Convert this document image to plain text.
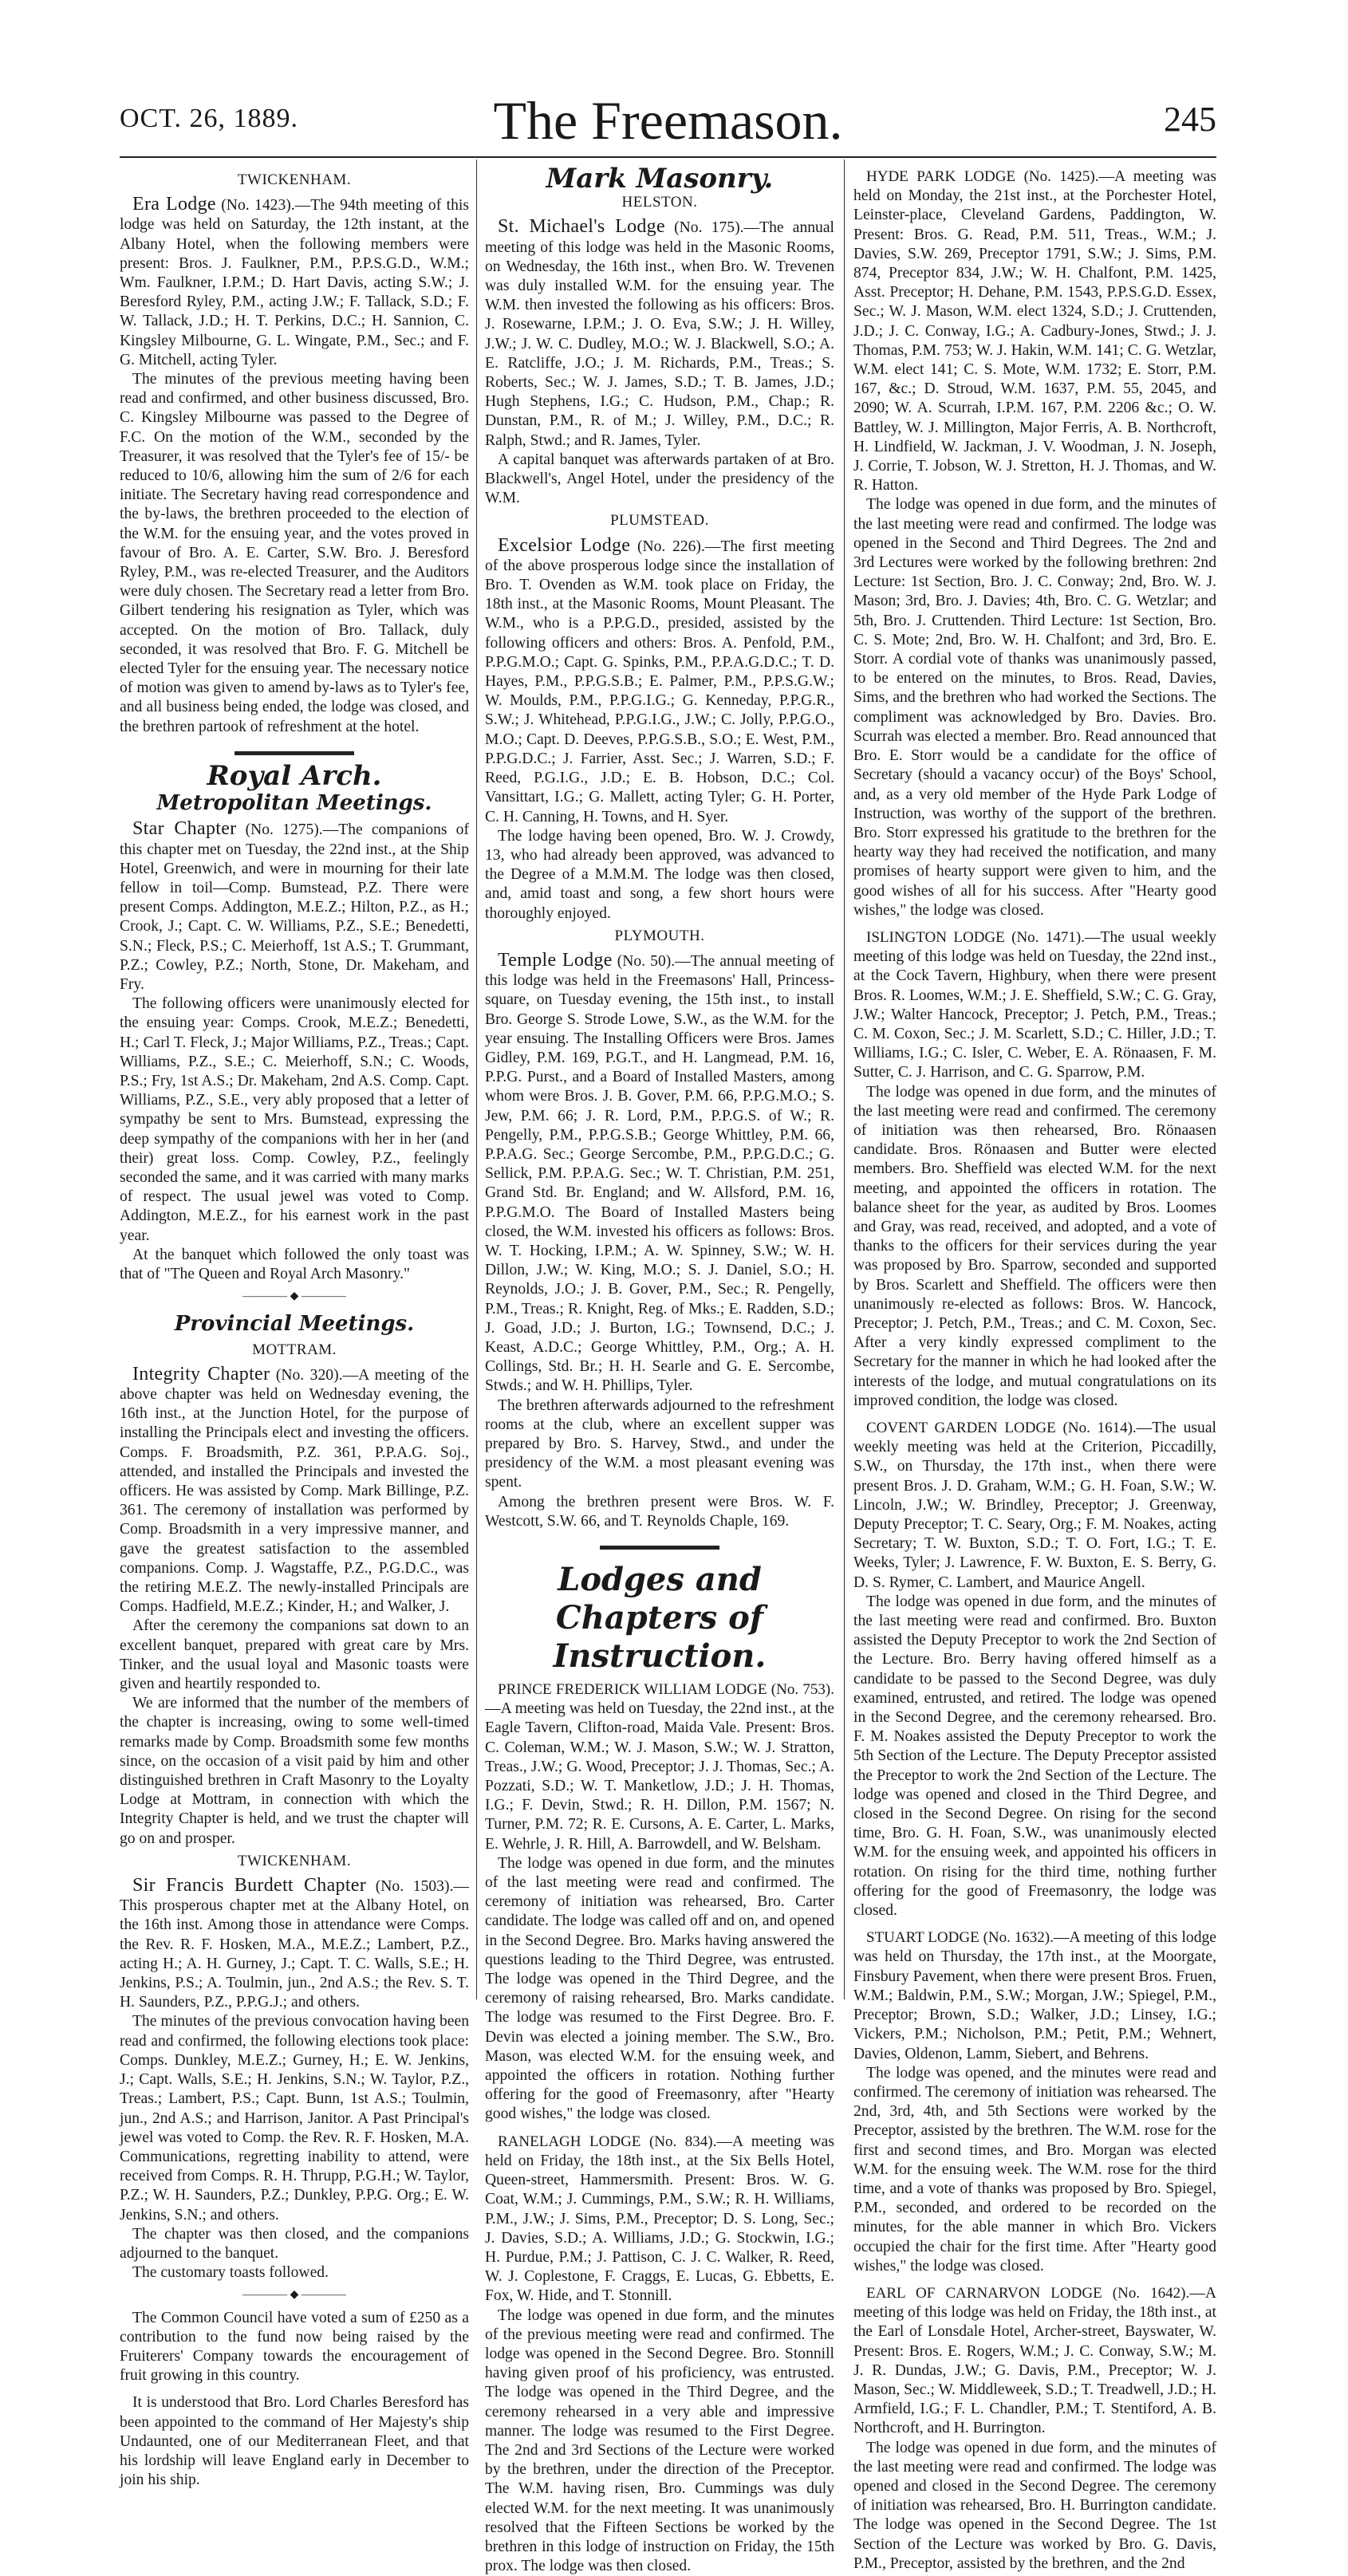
OCT. 26, 1889.	The Freemason.	245
TWICKENHAM.

Era Lodge (No. 1423).—The 94th meeting of this lodge was held on Saturday, the 12th instant, at the Albany Hotel, when the following members were present: Bros. J. Faulkner, P.M., P.P.S.G.D., W.M.; Wm. Faulkner, I.P.M.; D. Hart Davis, acting S.W.; J. Beresford Ryley, P.M., acting J.W.; F. Tallack, S.D.; F. W. Tallack, J.D.; H. T. Perkins, D.C.; H. Sannion, C. Kingsley Milbourne, G. L. Wingate, P.M., Sec.; and F. G. Mitchell, acting Tyler.

The minutes of the previous meeting having been read and confirmed, and other business discussed, Bro. C. Kingsley Milbourne was passed to the Degree of F.C. On the motion of the W.M., seconded by the Treasurer, it was resolved that the Tyler's fee of 15/- be reduced to 10/6, allowing him the sum of 2/6 for each initiate. The Secretary having read correspondence and the by-laws, the brethren proceeded to the election of the W.M. for the ensuing year, and the votes proved in favour of Bro. A. E. Carter, S.W. Bro. J. Beresford Ryley, P.M., was re-elected Treasurer, and the Auditors were duly chosen. The Secretary read a letter from Bro. Gilbert tendering his resignation as Tyler, which was accepted. On the motion of Bro. Tallack, duly seconded, it was resolved that Bro. F. G. Mitchell be elected Tyler for the ensuing year. The necessary notice of motion was given to amend by-laws as to Tyler's fee, and all business being ended, the lodge was closed, and the brethren partook of refreshment at the hotel.

Royal Arch.
Metropolitan Meetings.

Star Chapter (No. 1275).—The companions of this chapter met on Tuesday, the 22nd inst., at the Ship Hotel, Greenwich, and were in mourning for their late fellow in toil—Comp. Bumstead, P.Z. There were present Comps. Addington, M.E.Z.; Hilton, P.Z., as H.; Crook, J.; Capt. C. W. Williams, P.Z., S.E.; Benedetti, S.N.; Fleck, P.S.; C. Meierhoff, 1st A.S.; T. Grummant, P.Z.; Cowley, P.Z.; North, Stone, Dr. Makeham, and Fry.

The following officers were unanimously elected for the ensuing year: Comps. Crook, M.E.Z.; Benedetti, H.; Carl T. Fleck, J.; Major Williams, P.Z., Treas.; Capt. Williams, P.Z., S.E.; C. Meierhoff, S.N.; C. Woods, P.S.; Fry, 1st A.S.; Dr. Makeham, 2nd A.S. Comp. Capt. Williams, P.Z., S.E., very ably proposed that a letter of sympathy be sent to Mrs. Bumstead, expressing the deep sympathy of the companions with her in her (and their) great loss. Comp. Cowley, P.Z., feelingly seconded the same, and it was carried with many marks of respect. The usual jewel was voted to Comp. Addington, M.E.Z., for his earnest work in the past year.

At the banquet which followed the only toast was that of "The Queen and Royal Arch Masonry."

———— ◆ ————
Provincial Meetings.
MOTTRAM.

Integrity Chapter (No. 320).—A meeting of the above chapter was held on Wednesday evening, the 16th inst., at the Junction Hotel, for the purpose of installing the Principals elect and investing the officers. Comps. F. Broadsmith, P.Z. 361, P.P.A.G. Soj., attended, and installed the Principals and invested the officers. He was assisted by Comp. Mark Billinge, P.Z. 361. The ceremony of installation was performed by Comp. Broadsmith in a very impressive manner, and gave the greatest satisfaction to the assembled companions. Comp. J. Wagstaffe, P.Z., P.G.D.C., was the retiring M.E.Z. The newly-installed Principals are Comps. Hadfield, M.E.Z.; Kinder, H.; and Walker, J.

After the ceremony the companions sat down to an excellent banquet, prepared with great care by Mrs. Tinker, and the usual loyal and Masonic toasts were given and heartily responded to.

We are informed that the number of the members of the chapter is increasing, owing to some well-timed remarks made by Comp. Broadsmith some few months since, on the occasion of a visit paid by him and other distinguished brethren in Craft Masonry to the Loyalty Lodge at Mottram, in connection with which the Integrity Chapter is held, and we trust the chapter will go on and prosper.

TWICKENHAM.

Sir Francis Burdett Chapter (No. 1503).—This prosperous chapter met at the Albany Hotel, on the 16th inst. Among those in attendance were Comps. the Rev. R. F. Hosken, M.A., M.E.Z.; Lambert, P.Z., acting H.; A. H. Gurney, J.; Capt. T. C. Walls, S.E.; H. Jenkins, P.S.; A. Toulmin, jun., 2nd A.S.; the Rev. S. T. H. Saunders, P.Z., P.P.G.J.; and others.

The minutes of the previous convocation having been read and confirmed, the following elections took place: Comps. Dunkley, M.E.Z.; Gurney, H.; E. W. Jenkins, J.; Capt. Walls, S.E.; H. Jenkins, S.N.; W. Taylor, P.Z., Treas.; Lambert, P.S.; Capt. Bunn, 1st A.S.; Toulmin, jun., 2nd A.S.; and Harrison, Janitor. A Past Principal's jewel was voted to Comp. the Rev. R. F. Hosken, M.A. Communications, regretting inability to attend, were received from Comps. R. H. Thrupp, P.G.H.; W. Taylor, P.Z.; W. H. Saunders, P.Z.; Dunkley, P.P.G. Org.; E. W. Jenkins, S.N.; and others.

The chapter was then closed, and the companions adjourned to the banquet.

The customary toasts followed.

———— ◆ ————

The Common Council have voted a sum of £250 as a contribution to the fund now being raised by the Fruiterers' Company towards the encouragement of fruit growing in this country.

It is understood that Bro. Lord Charles Beresford has been appointed to the command of Her Majesty's ship Undaunted, one of our Mediterranean Fleet, and that his lordship will leave England early in December to join his ship.

Mark Masonry.
HELSTON.

St. Michael's Lodge (No. 175).—The annual meeting of this lodge was held in the Masonic Rooms, on Wednesday, the 16th inst., when Bro. W. Trevenen was duly installed W.M. for the ensuing year. The W.M. then invested the following as his officers: Bros. J. Rosewarne, I.P.M.; J. O. Eva, S.W.; J. H. Willey, J.W.; J. W. C. Dudley, M.O.; W. J. Blackwell, S.O.; A. E. Ratcliffe, J.O.; J. M. Richards, P.M., Treas.; S. Roberts, Sec.; W. J. James, S.D.; T. B. James, J.D.; Hugh Stephens, I.G.; C. Hudson, P.M., Chap.; R. Dunstan, P.M., R. of M.; J. Willey, P.M., D.C.; R. Ralph, Stwd.; and R. James, Tyler.

A capital banquet was afterwards partaken of at Bro. Blackwell's, Angel Hotel, under the presidency of the W.M.

PLUMSTEAD.

Excelsior Lodge (No. 226).—The first meeting of the above prosperous lodge since the installation of Bro. T. Ovenden as W.M. took place on Friday, the 18th inst., at the Masonic Rooms, Mount Pleasant. The W.M., who is a P.P.G.D., presided, assisted by the following officers and others: Bros. A. Penfold, P.M., P.P.G.M.O.; Capt. G. Spinks, P.M., P.P.A.G.D.C.; T. D. Hayes, P.M., P.P.G.S.B.; E. Palmer, P.M., P.P.S.G.W.; W. Moulds, P.M., P.P.G.I.G.; G. Kenneday, P.P.G.R., S.W.; J. Whitehead, P.P.G.I.G., J.W.; C. Jolly, P.P.G.O., M.O.; Capt. D. Deeves, P.P.G.S.B., S.O.; E. West, P.M., P.P.G.D.C.; J. Farrier, Asst. Sec.; J. Warren, S.D.; F. Reed, P.G.I.G., J.D.; E. B. Hobson, D.C.; Col. Vansittart, I.G.; G. Mallett, acting Tyler; G. H. Porter, C. H. Canning, H. Towns, and H. Syer.

The lodge having been opened, Bro. W. J. Crowdy, 13, who had already been approved, was advanced to the Degree of a M.M.M. The lodge was then closed, and, amid toast and song, a few short hours were thoroughly enjoyed.

PLYMOUTH.

Temple Lodge (No. 50).—The annual meeting of this lodge was held in the Freemasons' Hall, Princess-square, on Tuesday evening, the 15th inst., to install Bro. George S. Strode Lowe, S.W., as the W.M. for the year ensuing. The Installing Officers were Bros. James Gidley, P.M. 169, P.G.T., and H. Langmead, P.M. 16, P.P.G. Purst., and a Board of Installed Masters, among whom were Bros. J. B. Gover, P.M. 66, P.P.G.M.O.; S. Jew, P.M. 66; J. R. Lord, P.M., P.P.G.S. of W.; R. Pengelly, P.M., P.P.G.S.B.; George Whittley, P.M. 66, P.P.A.G. Sec.; George Sercombe, P.M., P.P.G.D.C.; G. Sellick, P.M. P.P.A.G. Sec.; W. T. Christian, P.M. 251, Grand Std. Br. England; and W. Allsford, P.M. 16, P.P.G.M.O. The Board of Installed Masters being closed, the W.M. invested his officers as follows: Bros. W. T. Hocking, I.P.M.; A. W. Spinney, S.W.; W. H. Dillon, J.W.; W. King, M.O.; S. J. Daniel, S.O.; H. Reynolds, J.O.; J. B. Gover, P.M., Sec.; R. Pengelly, P.M., Treas.; R. Knight, Reg. of Mks.; E. Radden, S.D.; J. Goad, J.D.; J. Burton, I.G.; Townsend, D.C.; J. Keast, A.D.C.; George Whittley, P.M., Org.; A. H. Collings, Std. Br.; H. H. Searle and G. E. Sercombe, Stwds.; and W. H. Phillips, Tyler.

The brethren afterwards adjourned to the refreshment rooms at the club, where an excellent supper was prepared by Bro. S. Harvey, Stwd., and under the presidency of the W.M. a most pleasant evening was spent.

Among the brethren present were Bros. W. F. Westcott, S.W. 66, and T. Reynolds Chaple, 169.

Lodges and Chapters of Instruction.

PRINCE FREDERICK WILLIAM LODGE (No. 753).—A meeting was held on Tuesday, the 22nd inst., at the Eagle Tavern, Clifton-road, Maida Vale. Present: Bros. C. Coleman, W.M.; W. J. Mason, S.W.; W. J. Stratton, Treas., J.W.; G. Wood, Preceptor; J. J. Thomas, Sec.; A. Pozzati, S.D.; W. T. Manketlow, J.D.; J. H. Thomas, I.G.; F. Devin, Stwd.; R. H. Dillon, P.M. 1567; N. Turner, P.M. 72; R. E. Cursons, A. E. Carter, L. Marks, E. Wehrle, J. R. Hill, A. Barrowdell, and W. Belsham.

The lodge was opened in due form, and the minutes of the last meeting were read and confirmed. The ceremony of initiation was rehearsed, Bro. Carter candidate. The lodge was called off and on, and opened in the Second Degree. Bro. Marks having answered the questions leading to the Third Degree, was entrusted. The lodge was opened in the Third Degree, and the ceremony of raising rehearsed, Bro. Marks candidate. The lodge was resumed to the First Degree. Bro. F. Devin was elected a joining member. The S.W., Bro. Mason, was elected W.M. for the ensuing week, and appointed the officers in rotation. Nothing further offering for the good of Freemasonry, after "Hearty good wishes," the lodge was closed.

RANELAGH LODGE (No. 834).—A meeting was held on Friday, the 18th inst., at the Six Bells Hotel, Queen-street, Hammersmith. Present: Bros. W. G. Coat, W.M.; J. Cummings, P.M., S.W.; R. H. Williams, P.M., J.W.; J. Sims, P.M., Preceptor; D. S. Long, Sec.; J. Davies, S.D.; A. Williams, J.D.; G. Stockwin, I.G.; H. Purdue, P.M.; J. Pattison, C. J. C. Walker, R. Reed, W. J. Coplestone, F. Craggs, E. Lucas, G. Ebbetts, E. Fox, W. Hide, and T. Stonnill.

The lodge was opened in due form, and the minutes of the previous meeting were read and confirmed. The lodge was opened in the Second Degree. Bro. Stonnill having given proof of his proficiency, was entrusted. The lodge was opened in the Third Degree, and the ceremony rehearsed in a very able and impressive manner. The lodge was resumed to the First Degree. The 2nd and 3rd Sections of the Lecture were worked by the brethren, under the direction of the Preceptor. The W.M. having risen, Bro. Cummings was duly elected W.M. for the next meeting. It was unanimously resolved that the Fifteen Sections be worked by the brethren in this lodge of instruction on Friday, the 15th prox. The lodge was then closed.

HYDE PARK LODGE (No. 1425).—A meeting was held on Monday, the 21st inst., at the Porchester Hotel, Leinster-place, Cleveland Gardens, Paddington, W. Present: Bros. G. Read, P.M. 511, Treas., W.M.; J. Davies, S.W. 269, Preceptor 1791, S.W.; J. Sims, P.M. 874, Preceptor 834, J.W.; W. H. Chalfont, P.M. 1425, Asst. Preceptor; H. Dehane, P.M. 1543, P.P.S.G.D. Essex, Sec.; W. J. Mason, W.M. elect 1324, S.D.; J. Cruttenden, J.D.; J. C. Conway, I.G.; A. Cadbury-Jones, Stwd.; J. J. Thomas, P.M. 753; W. J. Hakin, W.M. 141; C. G. Wetzlar, W.M. elect 141; C. S. Mote, W.M. 1732; E. Storr, P.M. 167, &c.; D. Stroud, W.M. 1637, P.M. 55, 2045, and 2090; W. A. Scurrah, I.P.M. 167, P.M. 2206 &c.; O. W. Battley, W. J. Millington, Major Ferris, A. B. Northcroft, H. Lindfield, W. Jackman, J. V. Woodman, J. N. Joseph, J. Corrie, T. Jobson, W. J. Stretton, H. J. Thomas, and W. R. Hatton.

The lodge was opened in due form, and the minutes of the last meeting were read and confirmed. The lodge was opened in the Second and Third Degrees. The 2nd and 3rd Lectures were worked by the following brethren: 2nd Lecture: 1st Section, Bro. J. C. Conway; 2nd, Bro. W. J. Mason; 3rd, Bro. J. Davies; 4th, Bro. C. G. Wetzlar; and 5th, Bro. J. Cruttenden. Third Lecture: 1st Section, Bro. C. S. Mote; 2nd, Bro. W. H. Chalfont; and 3rd, Bro. E. Storr. A cordial vote of thanks was unanimously passed, to be entered on the minutes, to Bros. Read, Davies, Sims, and the brethren who had worked the Sections. The compliment was acknowledged by Bro. Davies. Bro. Scurrah was elected a member. Bro. Read announced that Bro. E. Storr would be a candidate for the office of Secretary (should a vacancy occur) of the Boys' School, and, as a very old member of the Hyde Park Lodge of Instruction, was worthy of the support of the brethren. Bro. Storr expressed his gratitude to the brethren for the hearty way they had received the notification, and many promises of hearty support were given to him, and the good wishes of all for his success. After "Hearty good wishes," the lodge was closed.

ISLINGTON LODGE (No. 1471).—The usual weekly meeting of this lodge was held on Tuesday, the 22nd inst., at the Cock Tavern, Highbury, when there were present Bros. R. Loomes, W.M.; J. E. Sheffield, S.W.; C. G. Gray, J.W.; Walter Hancock, Preceptor; J. Petch, P.M., Treas.; C. M. Coxon, Sec.; J. M. Scarlett, S.D.; C. Hiller, J.D.; T. Williams, I.G.; C. Isler, C. Weber, E. A. Rönaasen, F. M. Sutter, C. J. Harrison, and C. G. Sparrow, P.M.

The lodge was opened in due form, and the minutes of the last meeting were read and confirmed. The ceremony of initiation was then rehearsed, Bro. Rönaasen candidate. Bros. Rönaasen and Butter were elected members. Bro. Sheffield was elected W.M. for the next meeting, and appointed the officers in rotation. The balance sheet for the year, as audited by Bros. Loomes and Gray, was read, received, and adopted, and a vote of thanks to the officers for their services during the year was proposed by Bro. Sparrow, seconded and supported by Bros. Scarlett and Sheffield. The officers were then unanimously re-elected as follows: Bros. W. Hancock, Preceptor; J. Petch, P.M., Treas.; and C. M. Coxon, Sec. After a very kindly expressed compliment to the Secretary for the manner in which he had looked after the interests of the lodge, and mutual congratulations on its improved condition, the lodge was closed.

COVENT GARDEN LODGE (No. 1614).—The usual weekly meeting was held at the Criterion, Piccadilly, S.W., on Thursday, the 17th inst., when there were present Bros. J. D. Graham, W.M.; G. H. Foan, S.W.; W. Lincoln, J.W.; W. Brindley, Preceptor; J. Greenway, Deputy Preceptor; T. C. Seary, Org.; F. M. Noakes, acting Secretary; T. W. Buxton, S.D.; T. O. Fort, I.G.; T. E. Weeks, Tyler; J. Lawrence, F. W. Buxton, E. S. Berry, G. D. S. Rymer, C. Lambert, and Maurice Angell.

The lodge was opened in due form, and the minutes of the last meeting were read and confirmed. Bro. Buxton assisted the Deputy Preceptor to work the 2nd Section of the Lecture. Bro. Berry having offered himself as a candidate to be passed to the Second Degree, was duly examined, entrusted, and retired. The lodge was opened in the Second Degree, and the ceremony rehearsed. Bro. F. M. Noakes assisted the Deputy Preceptor to work the 5th Section of the Lecture. The Deputy Preceptor assisted the Preceptor to work the 2nd Section of the Lecture. The lodge was opened and closed in the Third Degree, and closed in the Second Degree. On rising for the second time, Bro. G. H. Foan, S.W., was unanimously elected W.M. for the ensuing week, and appointed his officers in rotation. On rising for the third time, nothing further offering for the good of Freemasonry, the lodge was closed.

STUART LODGE (No. 1632).—A meeting of this lodge was held on Thursday, the 17th inst., at the Moorgate, Finsbury Pavement, when there were present Bros. Fruen, W.M.; Baldwin, P.M., S.W.; Morgan, J.W.; Spiegel, P.M., Preceptor; Brown, S.D.; Walker, J.D.; Linsey, I.G.; Vickers, P.M.; Nicholson, P.M.; Petit, P.M.; Wehnert, Davies, Oldenon, Lamm, Siebert, and Behrens.

The lodge was opened, and the minutes were read and confirmed. The ceremony of initiation was rehearsed. The 2nd, 3rd, 4th, and 5th Sections were worked by the Preceptor, assisted by the brethren. The W.M. rose for the first and second times, and Bro. Morgan was elected W.M. for the ensuing week. The W.M. rose for the third time, and a vote of thanks was proposed by Bro. Spiegel, P.M., seconded, and ordered to be recorded on the minutes, for the able manner in which Bro. Vickers occupied the chair for the first time. After "Hearty good wishes," the lodge was closed.

EARL OF CARNARVON LODGE (No. 1642).—A meeting of this lodge was held on Friday, the 18th inst., at the Earl of Lonsdale Hotel, Archer-street, Bayswater, W. Present: Bros. E. Rogers, W.M.; J. C. Conway, S.W.; M. J. R. Dundas, J.W.; G. Davis, P.M., Preceptor; W. J. Mason, Sec.; W. Middleweek, S.D.; T. Treadwell, J.D.; H. Armfield, I.G.; F. L. Chandler, P.M.; T. Stentiford, A. B. Northcroft, and H. Burrington.

The lodge was opened in due form, and the minutes of the last meeting were read and confirmed. The lodge was opened and closed in the Second Degree. The ceremony of initiation was rehearsed, Bro. H. Burrington candidate. The lodge was opened in the Second Degree. The 1st Section of the Lecture was worked by Bro. G. Davis, P.M., Preceptor, assisted by the brethren, and the 2nd
